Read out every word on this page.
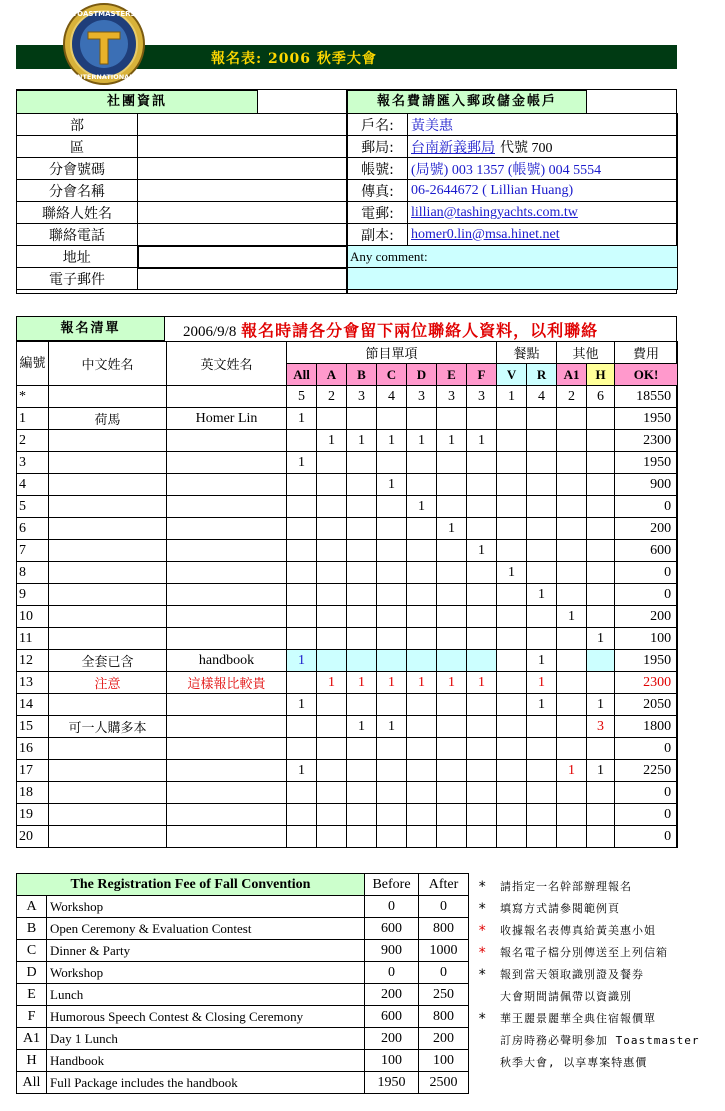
報名表: 2006 秋季大會
TOASTMASTERS
INTERNATIONAL
社團資訊
部	
區	
分會號碼	
分會名稱	
聯絡人姓名	
聯絡電話	
地址	
電子郵件	
報名費請匯入郵政儲金帳戶
戶名:	黃美惠
郵局:	台南新義郵局 代號 700
帳號:	(局號) 003 1357 (帳號) 004 5554
傳真:	06-2644672 ( Lillian Huang)
電郵:	lillian@tashingyachts.com.tw
副本:	homer0.lin@msa.hinet.net
Any comment:	

報名清單	2006/9/8 報名時請各分會留下兩位聯絡人資料，以利聯絡
編號	中文姓名	英文姓名	節目單項							餐點		其他		費用
			All	A	B	C	D	E	F	V	R	A1	H	OK!
*			5	2	3	4	3	3	3	1	4	2	6	18550
1	荷馬	Homer Lin	1											1950
2				1	1	1	1	1	1					2300
3			1											1950
4						1								900
5							1							0
6								1						200
7									1					600
8										1				0
9											1			0
10												1		200
11													1	100
12	全套已含	handbook	1								1			1950
13	注意	這樣報比較貴		1	1	1	1	1	1		1			2300
14			1								1		1	2050
15	可一人購多本				1	1							3	1800
16														0
17			1									1	1	2250
18														0
19														0
20														0
The Registration Fee of Fall Convention		Before	After
A	Workshop	0	0
B	Open Ceremony & Evaluation Contest	600	800
C	Dinner & Party	900	1000
D	Workshop	0	0
E	Lunch	200	250
F	Humorous Speech Contest & Closing Ceremony	600	800
A1	Day 1 Lunch	200	200
H	Handbook	100	100
All	Full Package includes the handbook	1950	2500
* 請指定一名幹部辦理報名
* 填寫方式請參閱範例頁
* 收據報名表傳真給黃美惠小姐
* 報名電子檔分別傳送至上列信箱
* 報到當天領取識別證及餐券
大會期間請佩帶以資識別
* 華王麗景麗華全典住宿報價單
訂房時務必聲明參加 Toastmaster
秋季大會, 以享專案特惠價
